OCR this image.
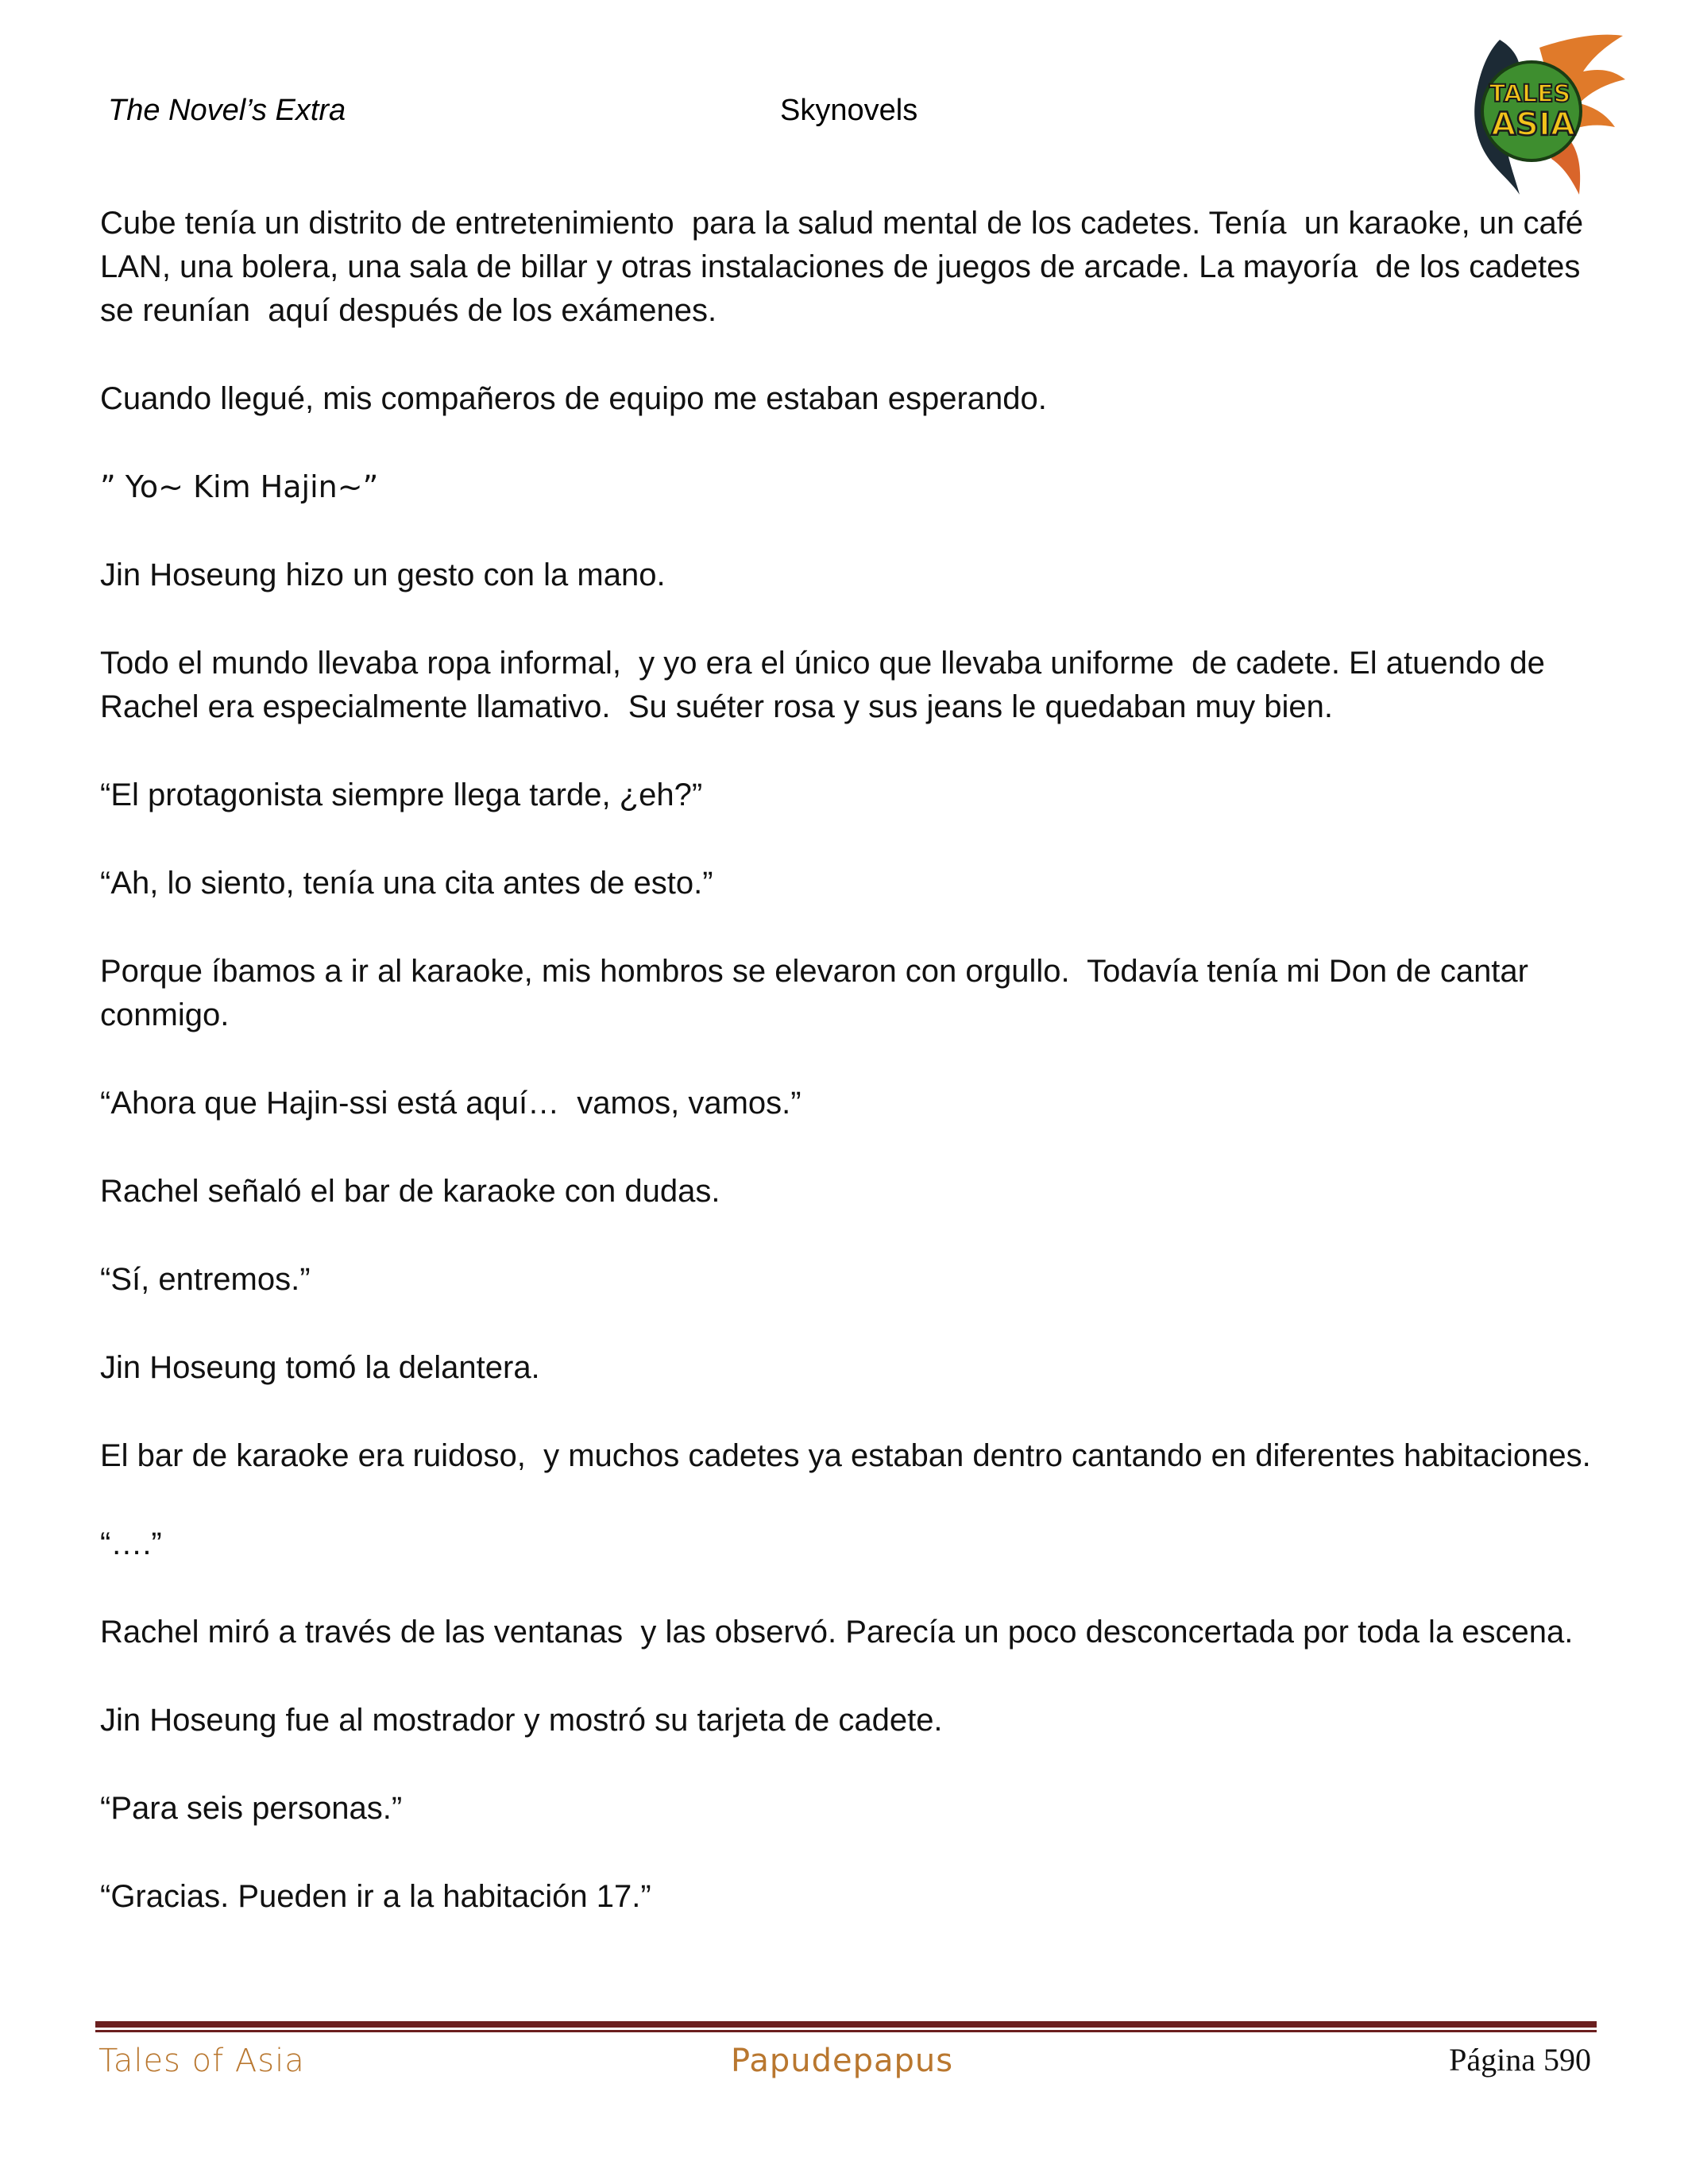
The Novel’s Extra	Skynovels	TALES
ASIA

Cube tenía un distrito de entretenimiento  para la salud mental de los cadetes. Tenía  un karaoke, un café LAN, una bolera, una sala de billar y otras instalaciones de juegos de arcade. La mayoría  de los cadetes se reunían  aquí después de los exámenes.

Cuando llegué, mis compañeros de equipo me estaban esperando.

” Yo~ Kim Hajin~”

Jin Hoseung hizo un gesto con la mano.

Todo el mundo llevaba ropa informal,  y yo era el único que llevaba uniforme  de cadete. El atuendo de Rachel era especialmente llamativo.  Su suéter rosa y sus jeans le quedaban muy bien.

“El protagonista siempre llega tarde, ¿eh?”

“Ah, lo siento, tenía una cita antes de esto.”

Porque íbamos a ir al karaoke, mis hombros se elevaron con orgullo.  Todavía tenía mi Don de cantar conmigo.

“Ahora que Hajin-ssi está aquí…  vamos, vamos.”

Rachel señaló el bar de karaoke con dudas.

“Sí, entremos.”

Jin Hoseung tomó la delantera.

El bar de karaoke era ruidoso,  y muchos cadetes ya estaban dentro cantando en diferentes habitaciones.

“….”

Rachel miró a través de las ventanas  y las observó. Parecía un poco desconcertada por toda la escena.

Jin Hoseung fue al mostrador y mostró su tarjeta de cadete.

“Para seis personas.”

“Gracias. Pueden ir a la habitación 17.”

Tales of Asia	Papudepapus	Página 590
